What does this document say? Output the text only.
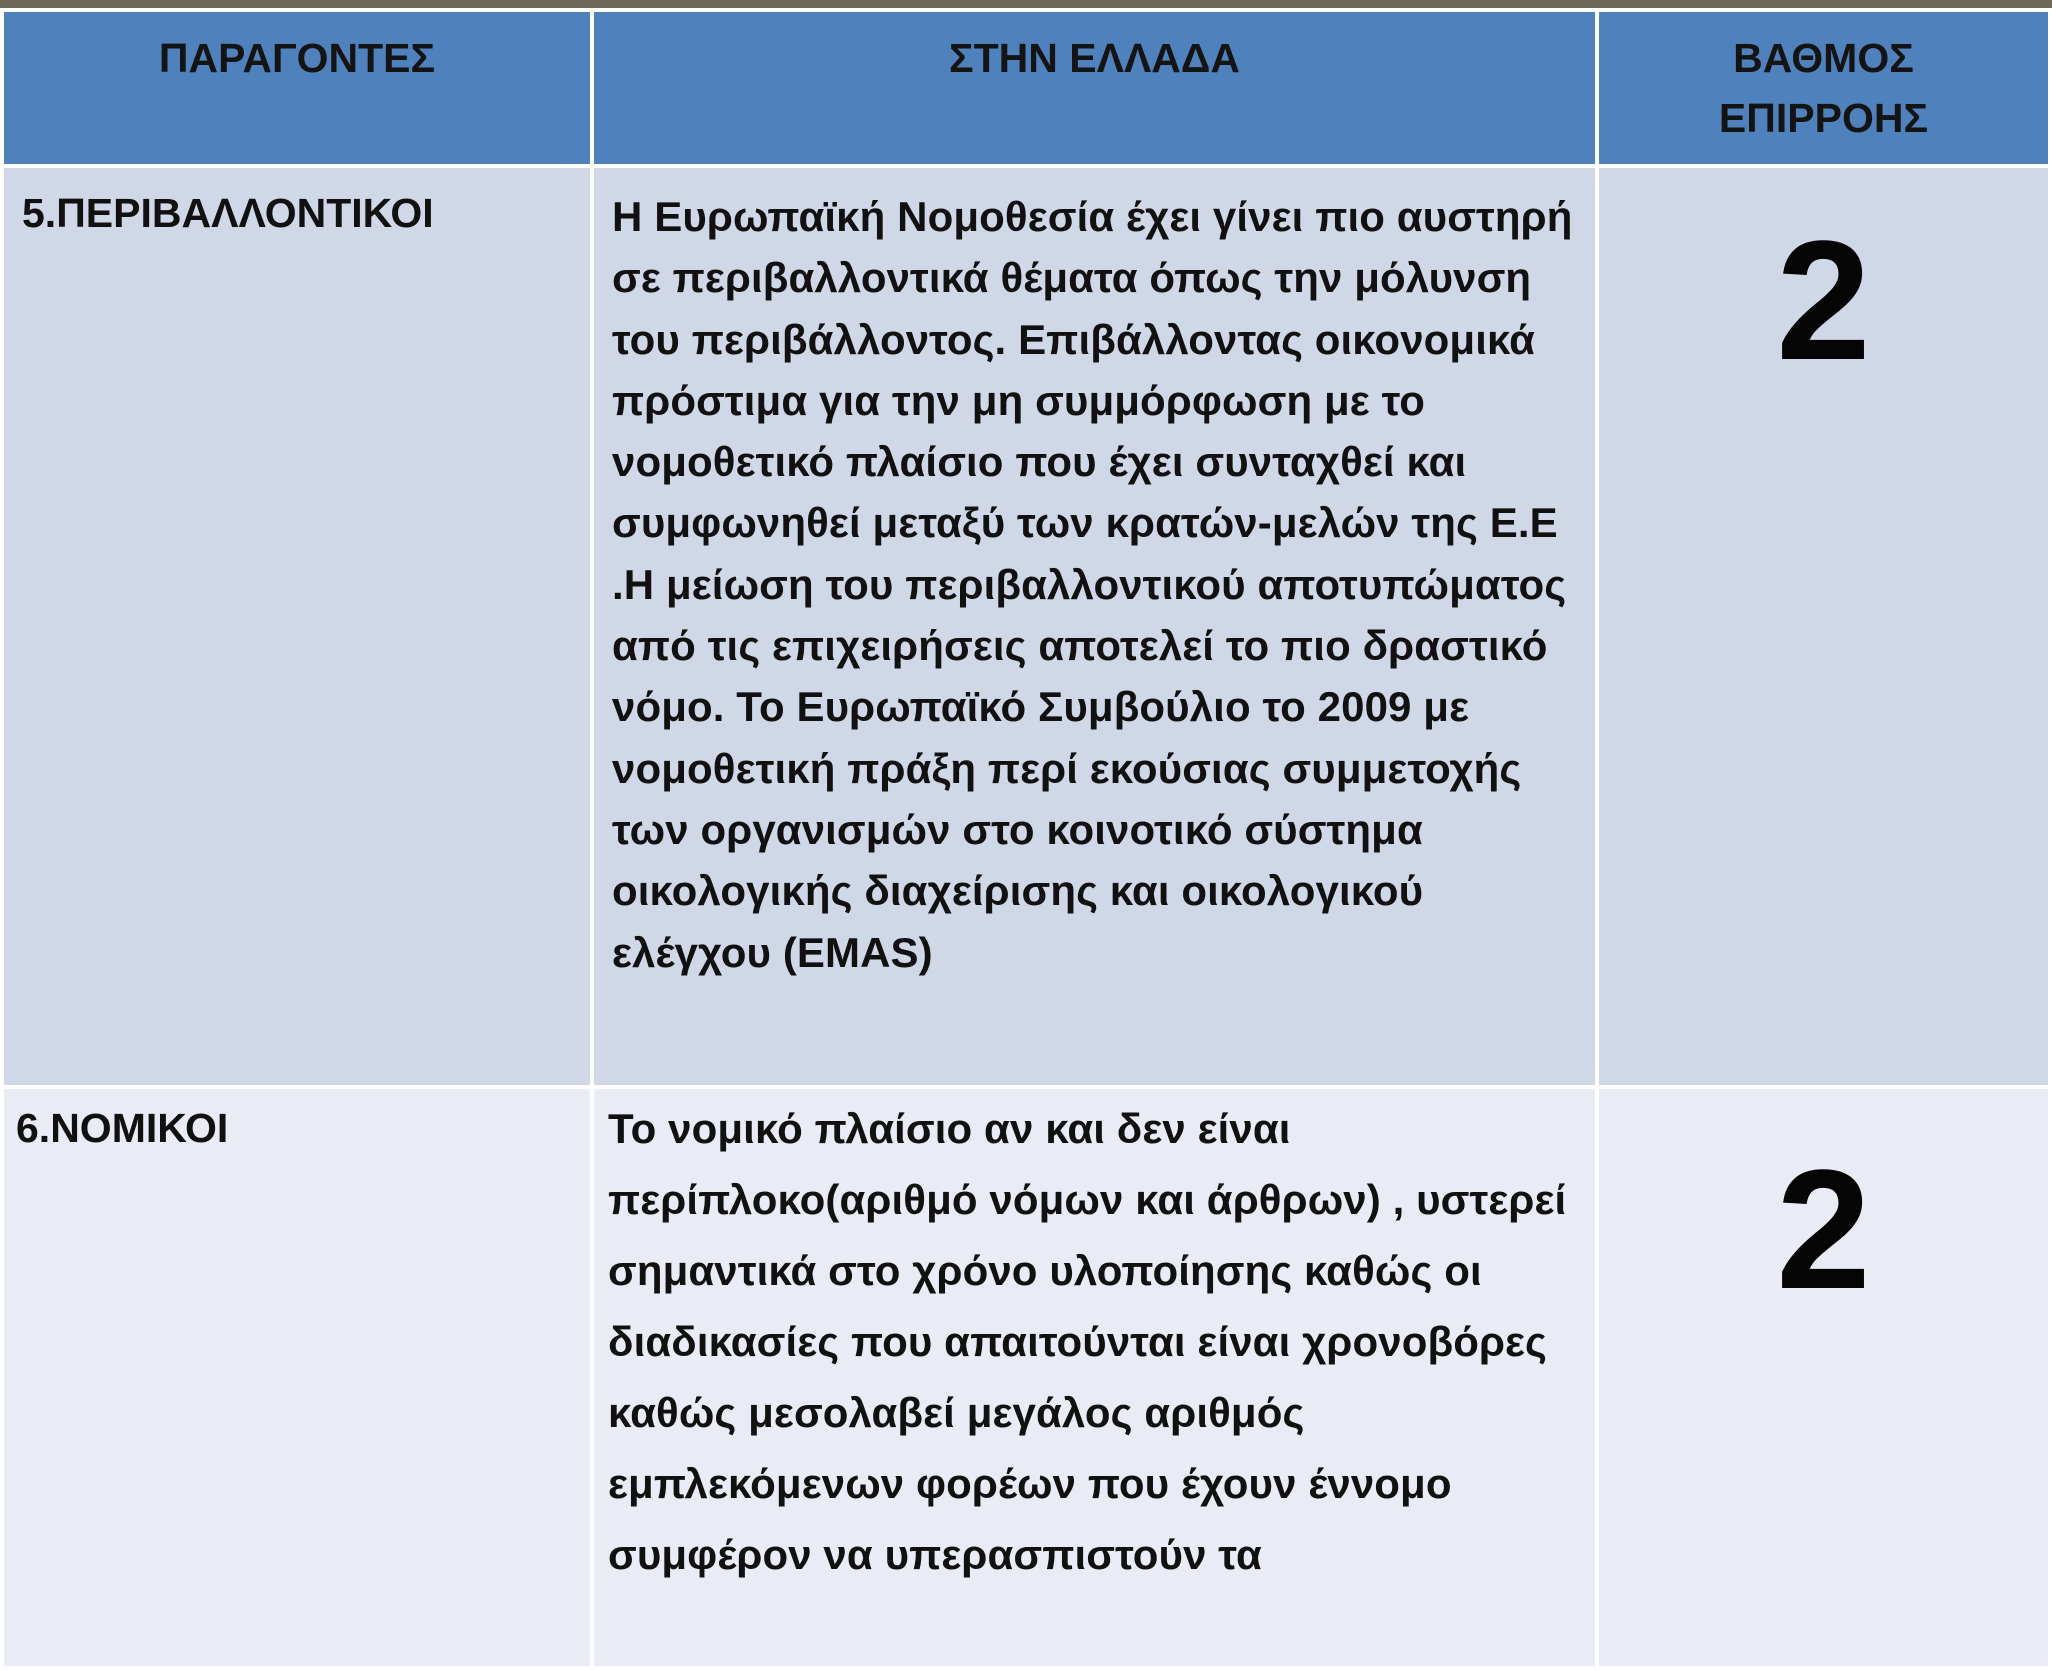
ΠΑΡΑΓΟΝΤΕΣ	ΣΤΗΝ ΕΛΛΑΔΑ	ΒΑΘΜΟΣ
ΕΠΙΡΡΟΗΣ

5.ΠΕΡΙΒΑΛΛΟΝΤΙΚΟΙ	Η Ευρωπαϊκή Νομοθεσία έχει γίνει πιο αυστηρή σε περιβαλλοντικά θέματα όπως την μόλυνση του περιβάλλοντος. Επιβάλλοντας οικονομικά πρόστιμα για την μη συμμόρφωση με το νομοθετικό πλαίσιο που έχει συνταχθεί και συμφωνηθεί μεταξύ των κρατών-μελών της Ε.Ε .Η μείωση του περιβαλλοντικού αποτυπώματος από τις επιχειρήσεις αποτελεί το πιο δραστικό νόμο. Το Ευρωπαϊκό Συμβούλιο το 2009 με νομοθετική πράξη περί εκούσιας συμμετοχής των οργανισμών στο κοινοτικό σύστημα οικολογικής διαχείρισης και οικολογικού ελέγχου (EMAS)	2
6.ΝΟΜΙΚΟΙ	Το νομικό πλαίσιο αν και δεν είναι περίπλοκο(αριθμό νόμων και άρθρων) , υστερεί σημαντικά στο χρόνο υλοποίησης καθώς οι διαδικασίες που απαιτούνται είναι χρονοβόρες καθώς μεσολαβεί μεγάλος αριθμός εμπλεκόμενων φορέων που έχουν έννομο συμφέρον να υπερασπιστούν τα	2
